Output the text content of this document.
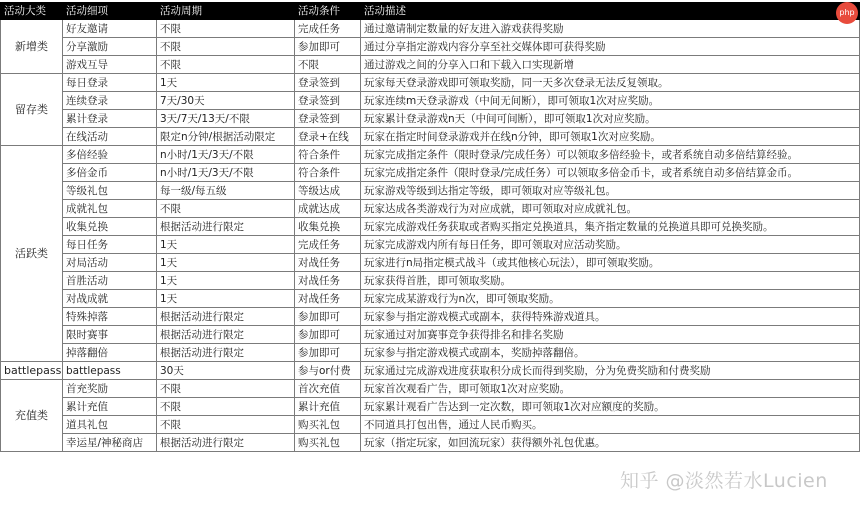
活动大类	活动细项	活动周期	活动条件	活动描述
新增类	好友邀请	不限	完成任务	通过邀请制定数量的好友进入游戏获得奖励
	分享激励	不限	参加即可	通过分享指定游戏内容分享至社交媒体即可获得奖励
	游戏互导	不限	不限	通过游戏之间的分享入口和下载入口实现新增
留存类	每日登录	1天	登录签到	玩家每天登录游戏即可领取奖励，同一天多次登录无法反复领取。
	连续登录	7天/30天	登录签到	玩家连续m天登录游戏（中间无间断），即可领取1次对应奖励。
	累计登录	3天/7天/13天/不限	登录签到	玩家累计登录游戏n天（中间可间断），即可领取1次对应奖励。
	在线活动	限定n分钟/根据活动限定	登录+在线	玩家在指定时间登录游戏并在线n分钟，即可领取1次对应奖励。
活跃类	多倍经验	n小时/1天/3天/不限	符合条件	玩家完成指定条件（限时登录/完成任务）可以领取多倍经验卡，或者系统自动多倍结算经验。
	多倍金币	n小时/1天/3天/不限	符合条件	玩家完成指定条件（限时登录/完成任务）可以领取多倍金币卡，或者系统自动多倍结算金币。
	等级礼包	每一级/每五级	等级达成	玩家游戏等级到达指定等级，即可领取对应等级礼包。
	成就礼包	不限	成就达成	玩家达成各类游戏行为对应成就，即可领取对应成就礼包。
	收集兑换	根据活动进行限定	收集兑换	玩家完成游戏任务获取或者购买指定兑换道具，集齐指定数量的兑换道具即可兑换奖励。
	每日任务	1天	完成任务	玩家完成游戏内所有每日任务，即可领取对应活动奖励。
	对局活动	1天	对战任务	玩家进行n局指定模式战斗（或其他核心玩法），即可领取奖励。
	首胜活动	1天	对战任务	玩家获得首胜，即可领取奖励。
	对战成就	1天	对战任务	玩家完成某游戏行为n次，即可领取奖励。
	特殊掉落	根据活动进行限定	参加即可	玩家参与指定游戏模式或副本，获得特殊游戏道具。
	限时赛事	根据活动进行限定	参加即可	玩家通过对加赛事竞争获得排名和排名奖励
	掉落翻倍	根据活动进行限定	参加即可	玩家参与指定游戏模式或副本，奖励掉落翻倍。
battlepass	battlepass	30天	参与or付费	玩家通过完成游戏进度获取积分成长而得到奖励，分为免费奖励和付费奖励
充值类	首充奖励	不限	首次充值	玩家首次观看广告，即可领取1次对应奖励。
	累计充值	不限	累计充值	玩家累计观看广告达到一定次数，即可领取1次对应额度的奖励。
	道具礼包	不限	购买礼包	不同道具打包出售，通过人民币购买。
	幸运星/神秘商店	根据活动进行限定	购买礼包	玩家（指定玩家，如回流玩家）获得额外礼包优惠。
知乎 @淡然若水Lucien
php
